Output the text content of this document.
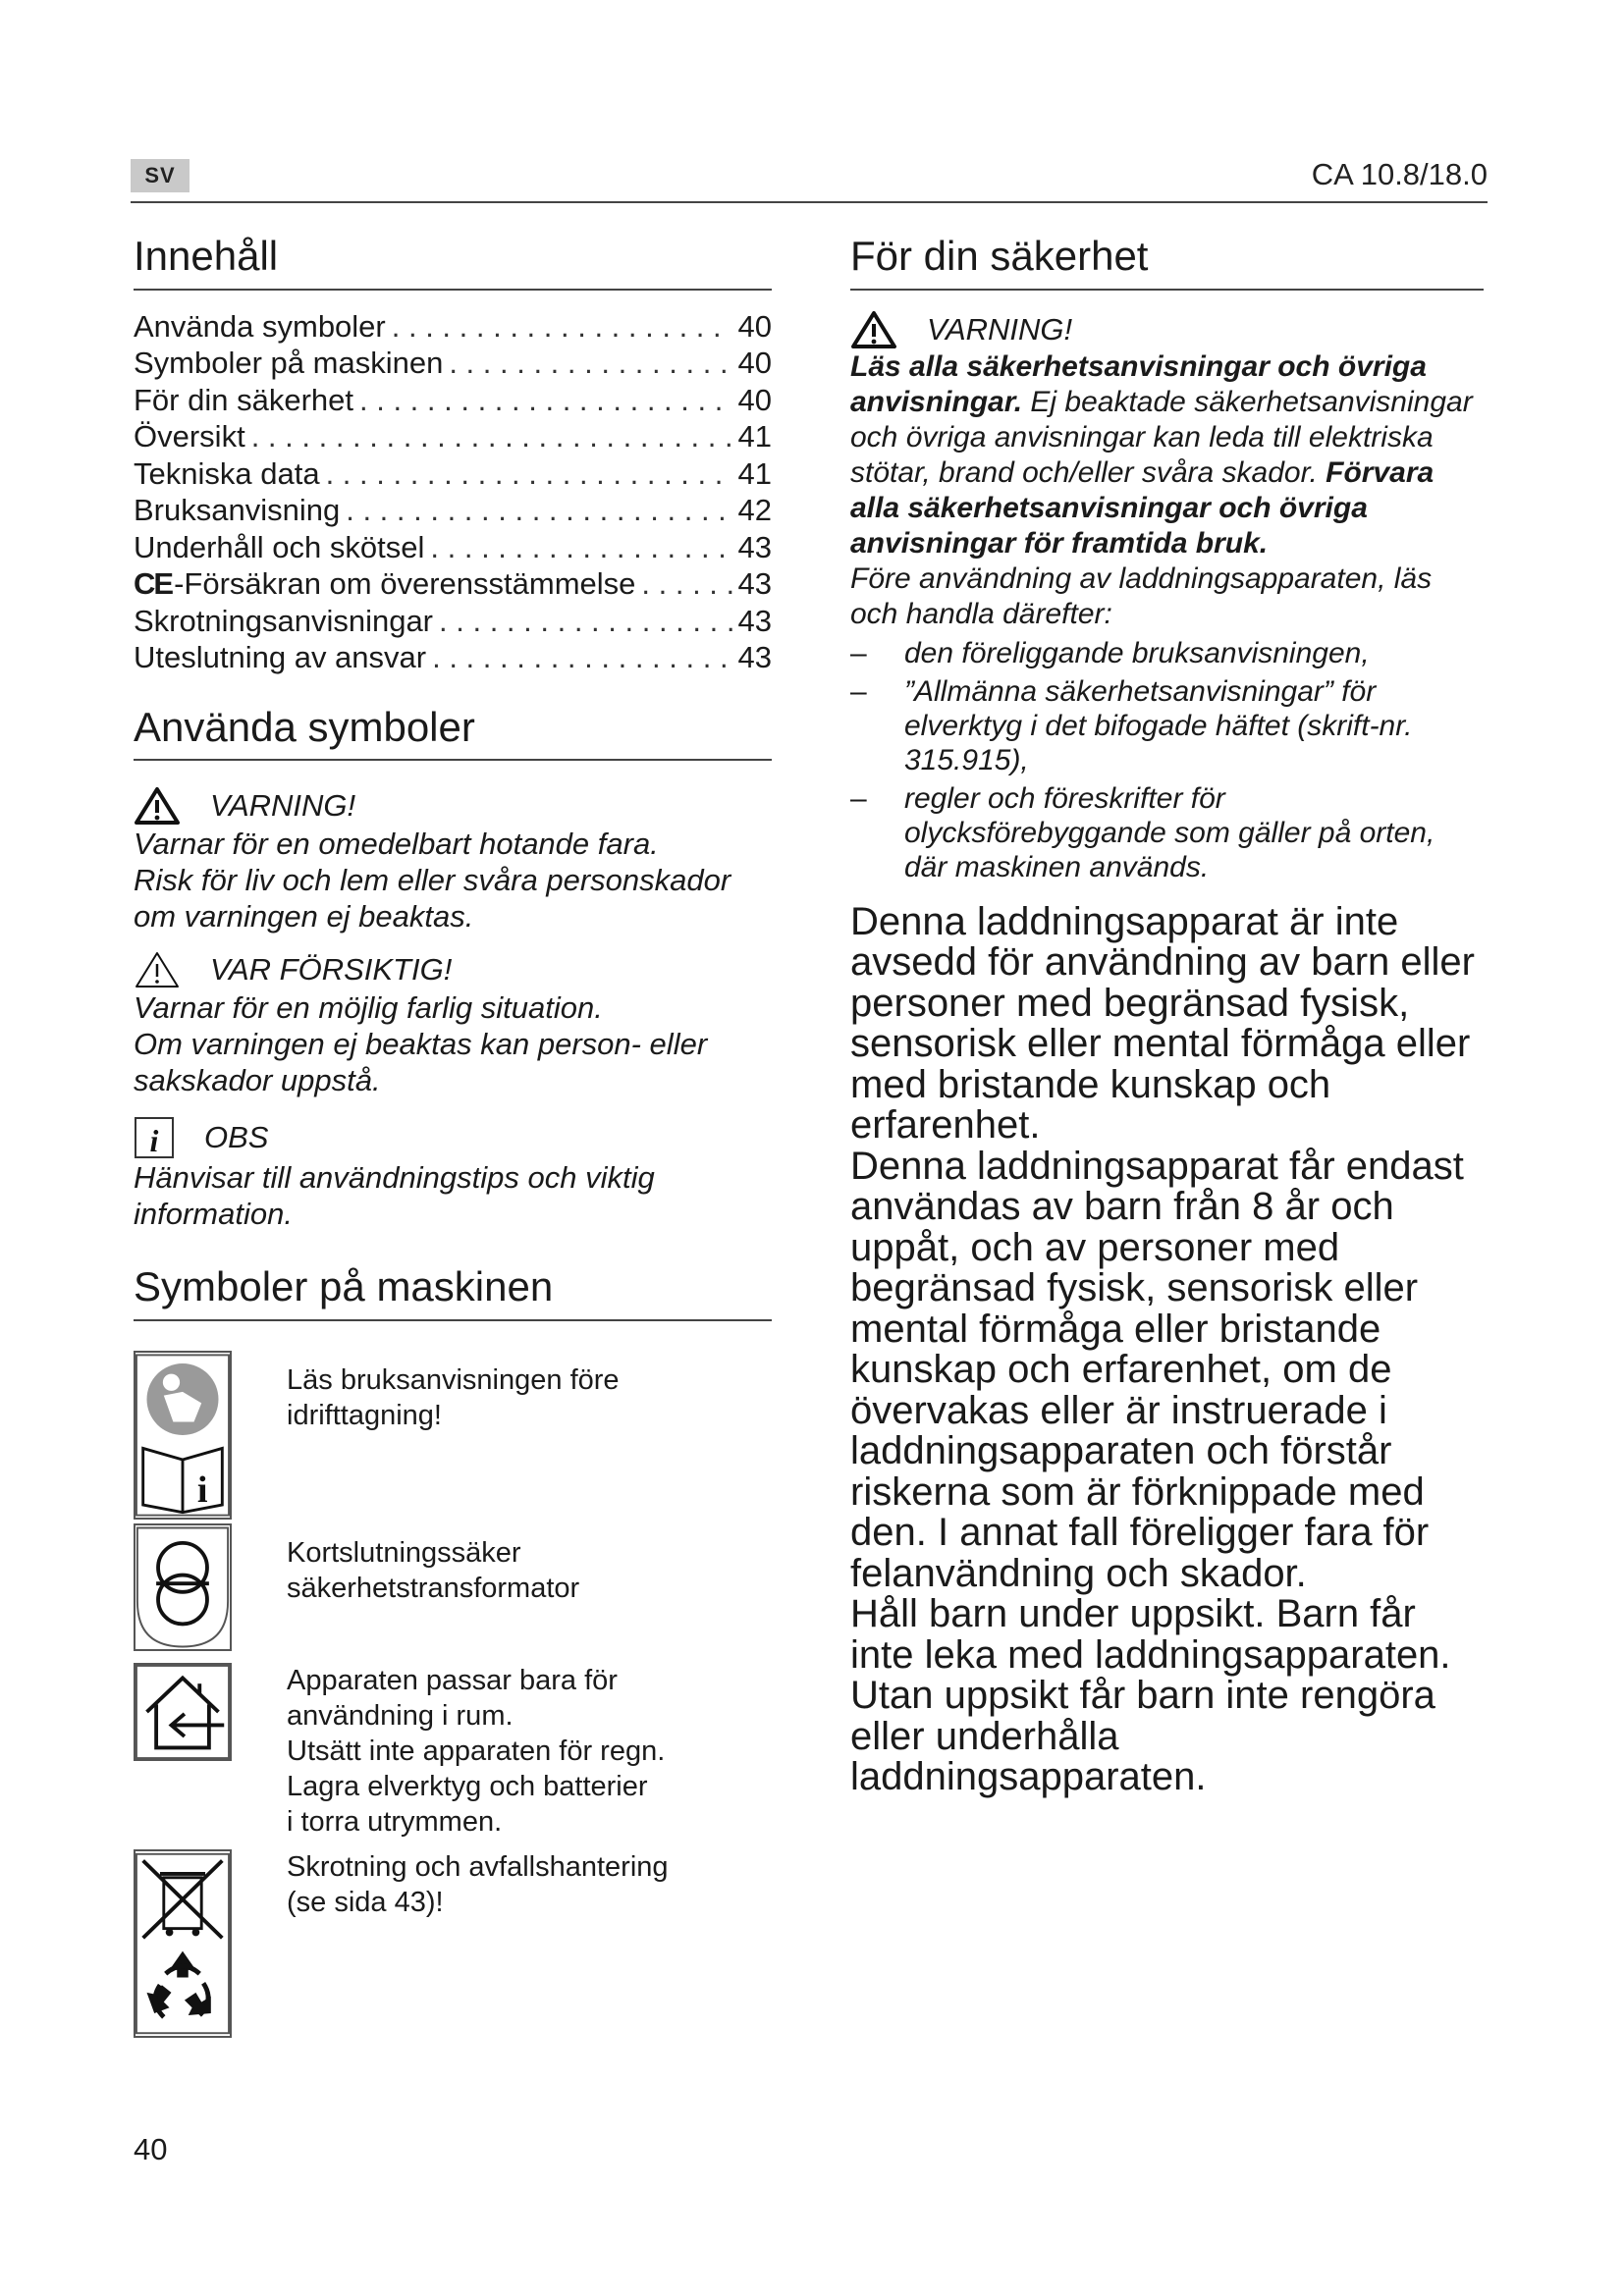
SV	CA 10.8/18.0
Innehåll
Använda symboler . . .	40
Symboler på maskinen . . .	40
För din säkerhet . . .	40
Översikt . . .	41
Tekniska data . . .	41
Bruksanvisning . . .	42
Underhåll och skötsel . . .	43
CE-Försäkran om överensstämmelse . . .	43
Skrotningsanvisningar . . .	43
Uteslutning av ansvar . . .	43
Använda symboler
VARNING!
Varnar för en omedelbart hotande fara.
Risk för liv och lem eller svåra personskador
om varningen ej beaktas.
VAR FÖRSIKTIG!
Varnar för en möjlig farlig situation.
Om varningen ej beaktas kan person- eller
sakskador uppstå.
i OBS
Hänvisar till användningstips och viktig
information.
Symboler på maskinen
i
Läs bruksanvisningen före
idrifttagning!
Kortslutningssäker
säkerhetstransformator
Apparaten passar bara för
användning i rum.
Utsätt inte apparaten för regn.
Lagra elverktyg och batterier
i torra utrymmen.
Skrotning och avfallshantering
(se sida 43)!
För din säkerhet
VARNING!
Läs alla säkerhetsanvisningar och övriga anvisningar. Ej beaktade säkerhetsanvisningar och övriga anvisningar kan leda till elektriska stötar, brand och/eller svåra skador. Förvara alla säkerhetsanvisningar och övriga anvisningar för framtida bruk.
Före användning av laddningsapparaten, läs och handla därefter:
– den föreliggande bruksanvisningen,
– ”Allmänna säkerhetsanvisningar” för elverktyg i det bifogade häftet (skrift-nr. 315.915),
– regler och föreskrifter för olycksförebyggande som gäller på orten, där maskinen används.

Denna laddningsapparat är inte avsedd för användning av barn eller personer med begränsad fysisk, sensorisk eller mental förmåga eller med bristande kunskap och erfarenhet.

Denna laddningsapparat får endast användas av barn från 8 år och uppåt, och av personer med begränsad fysisk, sensorisk eller mental förmåga eller bristande kunskap och erfarenhet, om de övervakas eller är instruerade i laddningsapparaten och förstår riskerna som är förknippade med den. I annat fall föreligger fara för felanvändning och skador.

Håll barn under uppsikt. Barn får inte leka med laddningsapparaten.

Utan uppsikt får barn inte rengöra eller underhålla laddningsapparaten.

40
